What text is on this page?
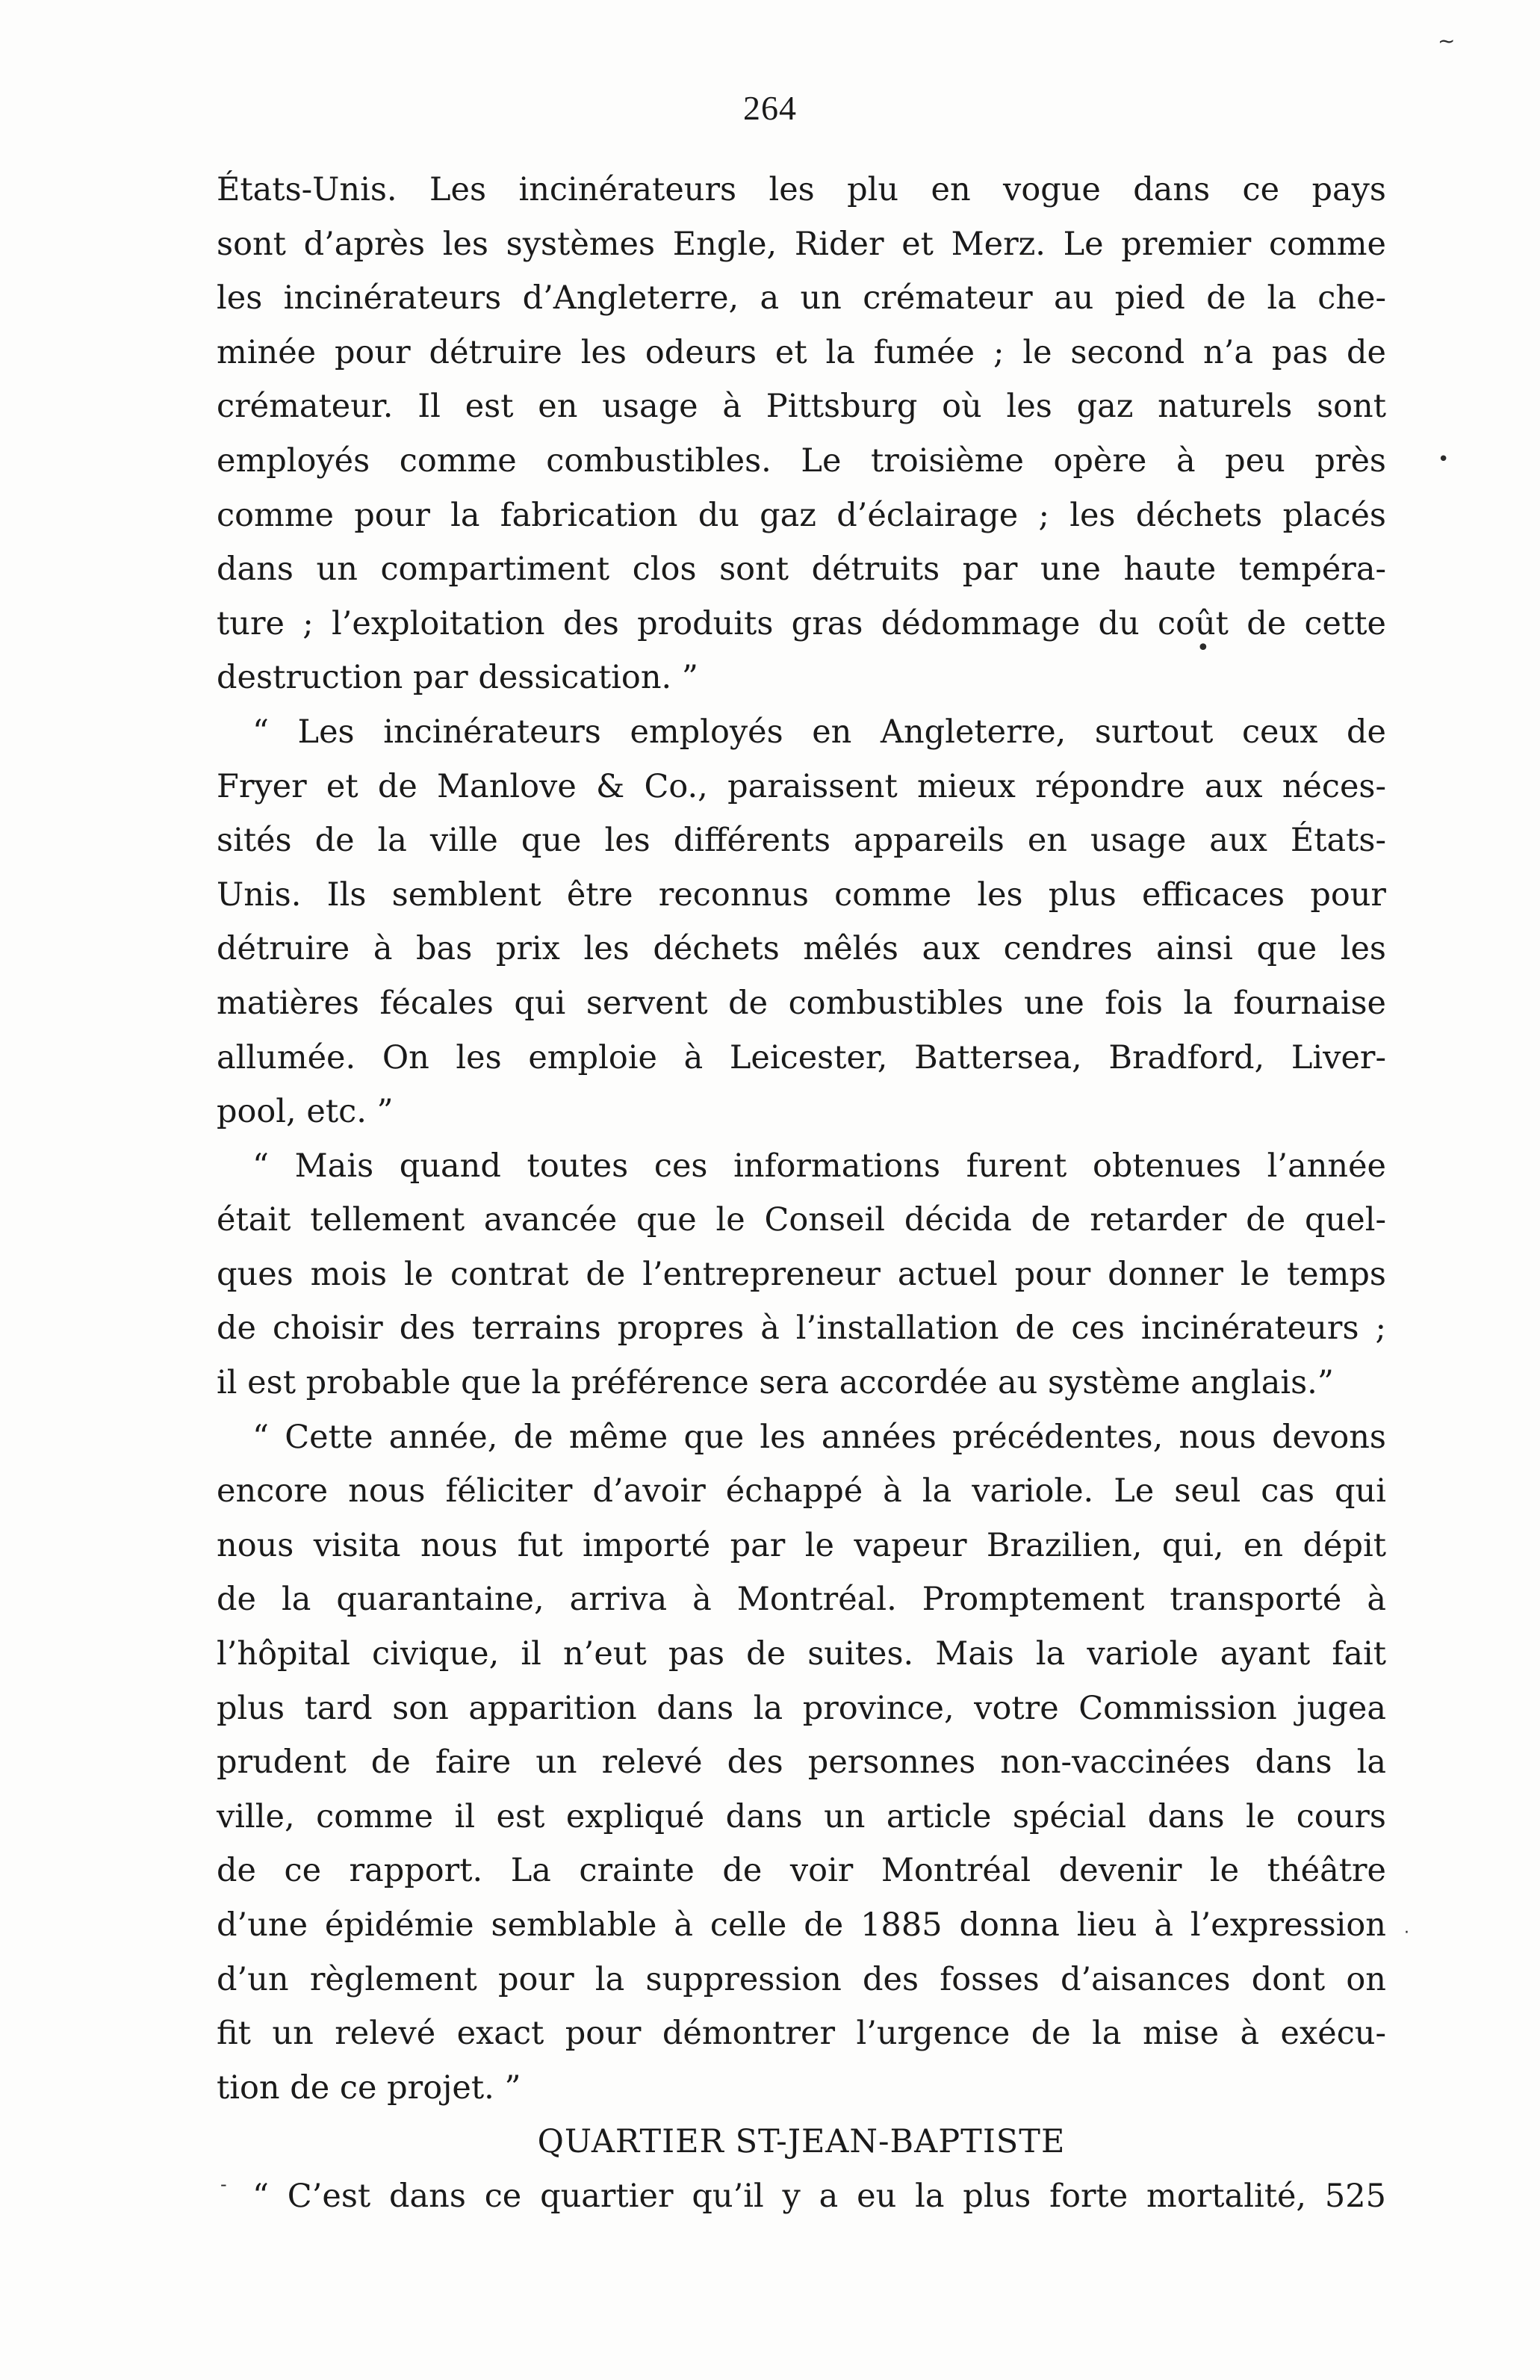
264
États-Unis. Les incinérateurs les plu en vogue dans ce pays
sont d’après les systèmes Engle, Rider et Merz. Le premier comme
les incinérateurs d’Angleterre, a un crémateur au pied de la che-
minée pour détruire les odeurs et la fumée ; le second n’a pas de
crémateur. Il est en usage à Pittsburg où les gaz naturels sont
employés comme combustibles. Le troisième opère à peu près
comme pour la fabrication du gaz d’éclairage ; les déchets placés
dans un compartiment clos sont détruits par une haute tempéra-
ture ; l’exploitation des produits gras dédommage du coût de cette
destruction par dessication. ”
“ Les incinérateurs employés en Angleterre, surtout ceux de
Fryer et de Manlove & Co., paraissent mieux répondre aux néces-
sités de la ville que les différents appareils en usage aux États-
Unis. Ils semblent être reconnus comme les plus efficaces pour
détruire à bas prix les déchets mêlés aux cendres ainsi que les
matières fécales qui servent de combustibles une fois la fournaise
allumée. On les emploie à Leicester, Battersea, Bradford, Liver-
pool, etc. ”
“ Mais quand toutes ces informations furent obtenues l’année
était tellement avancée que le Conseil décida de retarder de quel-
ques mois le contrat de l’entrepreneur actuel pour donner le temps
de choisir des terrains propres à l’installation de ces incinérateurs ;
il est probable que la préférence sera accordée au système anglais.”
“ Cette année, de même que les années précédentes, nous devons
encore nous féliciter d’avoir échappé à la variole. Le seul cas qui
nous visita nous fut importé par le vapeur Brazilien, qui, en dépit
de la quarantaine, arriva à Montréal. Promptement transporté à
l’hôpital civique, il n’eut pas de suites. Mais la variole ayant fait
plus tard son apparition dans la province, votre Commission jugea
prudent de faire un relevé des personnes non-vaccinées dans la
ville, comme il est expliqué dans un article spécial dans le cours
de ce rapport. La crainte de voir Montréal devenir le théâtre
d’une épidémie semblable à celle de 1885 donna lieu à l’expression
d’un règlement pour la suppression des fosses d’aisances dont on
fit un relevé exact pour démontrer l’urgence de la mise à exécu-
tion de ce projet. ”
QUARTIER ST-JEAN-BAPTISTE
“ C’est dans ce quartier qu’il y a eu la plus forte mortalité, 525
~
•
•
·
-
